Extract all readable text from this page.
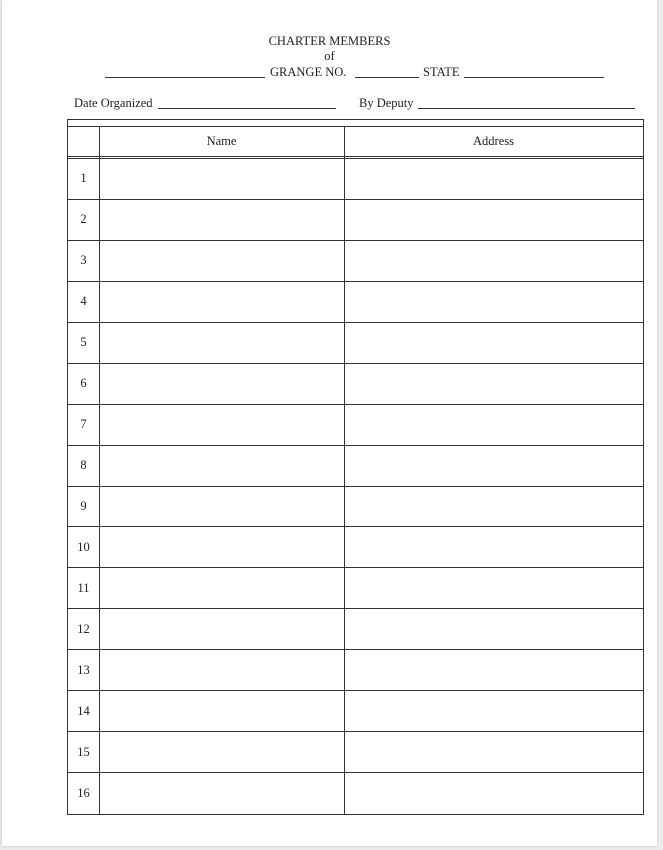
CHARTER MEMBERS
of
GRANGE NO.	STATE
Date Organized	By Deputy
Name	Address
1
2
3
4
5
6
7
8
9
10
11
12
13
14
15
16
